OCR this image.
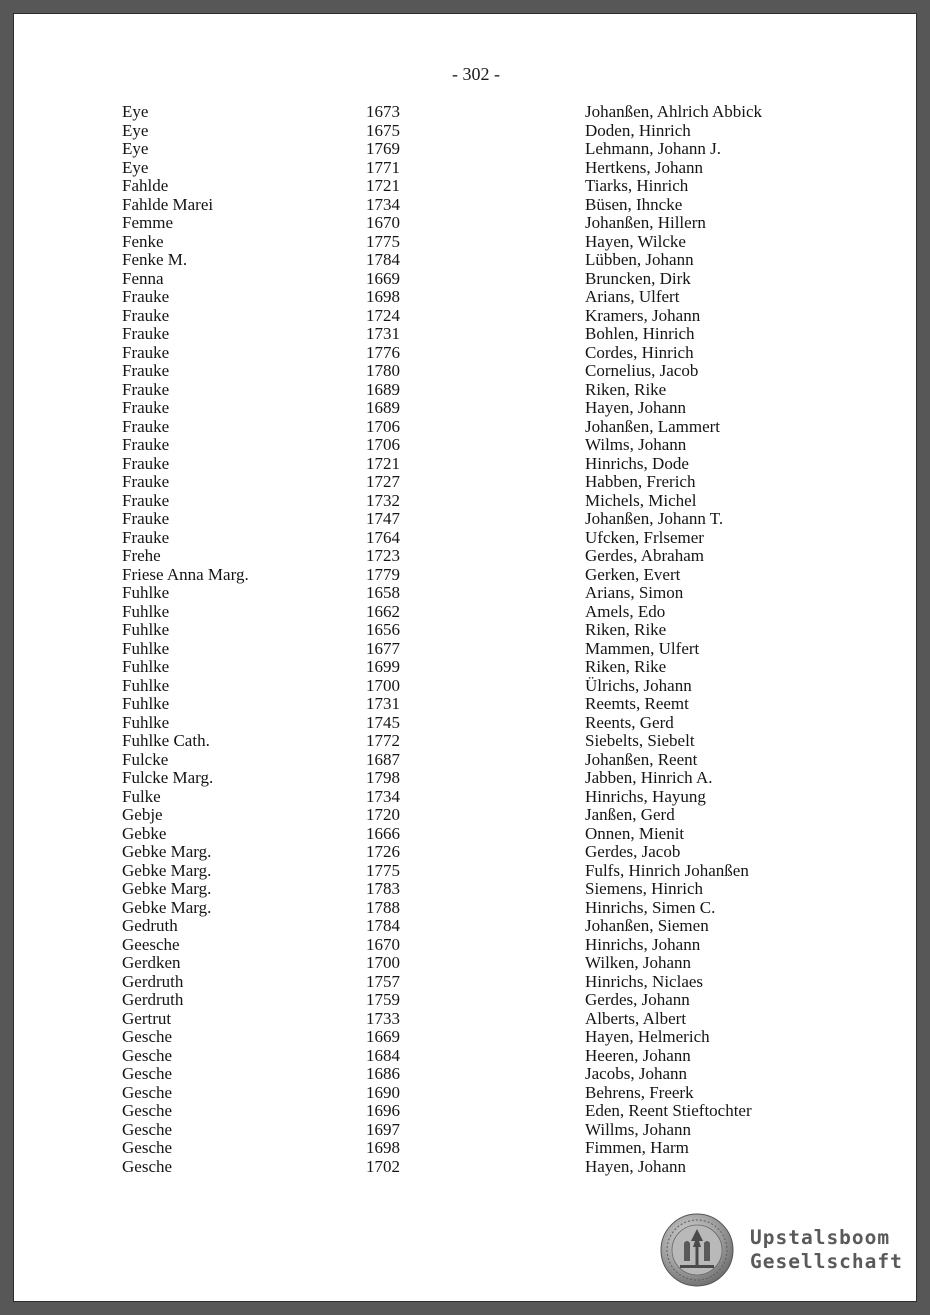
- 302 -
Eye	1673	Johanßen, Ahlrich Abbick
Eye	1675	Doden, Hinrich
Eye	1769	Lehmann, Johann J.
Eye	1771	Hertkens, Johann
Fahlde	1721	Tiarks, Hinrich
Fahlde Marei	1734	Büsen, Ihncke
Femme	1670	Johanßen, Hillern
Fenke	1775	Hayen, Wilcke
Fenke M.	1784	Lübben, Johann
Fenna	1669	Bruncken, Dirk
Frauke	1698	Arians, Ulfert
Frauke	1724	Kramers, Johann
Frauke	1731	Bohlen, Hinrich
Frauke	1776	Cordes, Hinrich
Frauke	1780	Cornelius, Jacob
Frauke	1689	Riken, Rike
Frauke	1689	Hayen, Johann
Frauke	1706	Johanßen, Lammert
Frauke	1706	Wilms, Johann
Frauke	1721	Hinrichs, Dode
Frauke	1727	Habben, Frerich
Frauke	1732	Michels, Michel
Frauke	1747	Johanßen, Johann T.
Frauke	1764	Ufcken, Frlsemer
Frehe	1723	Gerdes, Abraham
Friese Anna Marg.	1779	Gerken, Evert
Fuhlke	1658	Arians, Simon
Fuhlke	1662	Amels, Edo
Fuhlke	1656	Riken, Rike
Fuhlke	1677	Mammen, Ulfert
Fuhlke	1699	Riken, Rike
Fuhlke	1700	Ülrichs, Johann
Fuhlke	1731	Reemts, Reemt
Fuhlke	1745	Reents, Gerd
Fuhlke Cath.	1772	Siebelts, Siebelt
Fulcke	1687	Johanßen, Reent
Fulcke Marg.	1798	Jabben, Hinrich A.
Fulke	1734	Hinrichs, Hayung
Gebje	1720	Janßen, Gerd
Gebke	1666	Onnen, Mienit
Gebke Marg.	1726	Gerdes, Jacob
Gebke Marg.	1775	Fulfs, Hinrich Johanßen
Gebke Marg.	1783	Siemens, Hinrich
Gebke Marg.	1788	Hinrichs, Simen C.
Gedruth	1784	Johanßen, Siemen
Geesche	1670	Hinrichs, Johann
Gerdken	1700	Wilken, Johann
Gerdruth	1757	Hinrichs, Niclaes
Gerdruth	1759	Gerdes, Johann
Gertrut	1733	Alberts, Albert
Gesche	1669	Hayen, Helmerich
Gesche	1684	Heeren, Johann
Gesche	1686	Jacobs, Johann
Gesche	1690	Behrens, Freerk
Gesche	1696	Eden, Reent Stieftochter
Gesche	1697	Willms, Johann
Gesche	1698	Fimmen, Harm
Gesche	1702	Hayen, Johann
Upstalsboom
Gesellschaft
